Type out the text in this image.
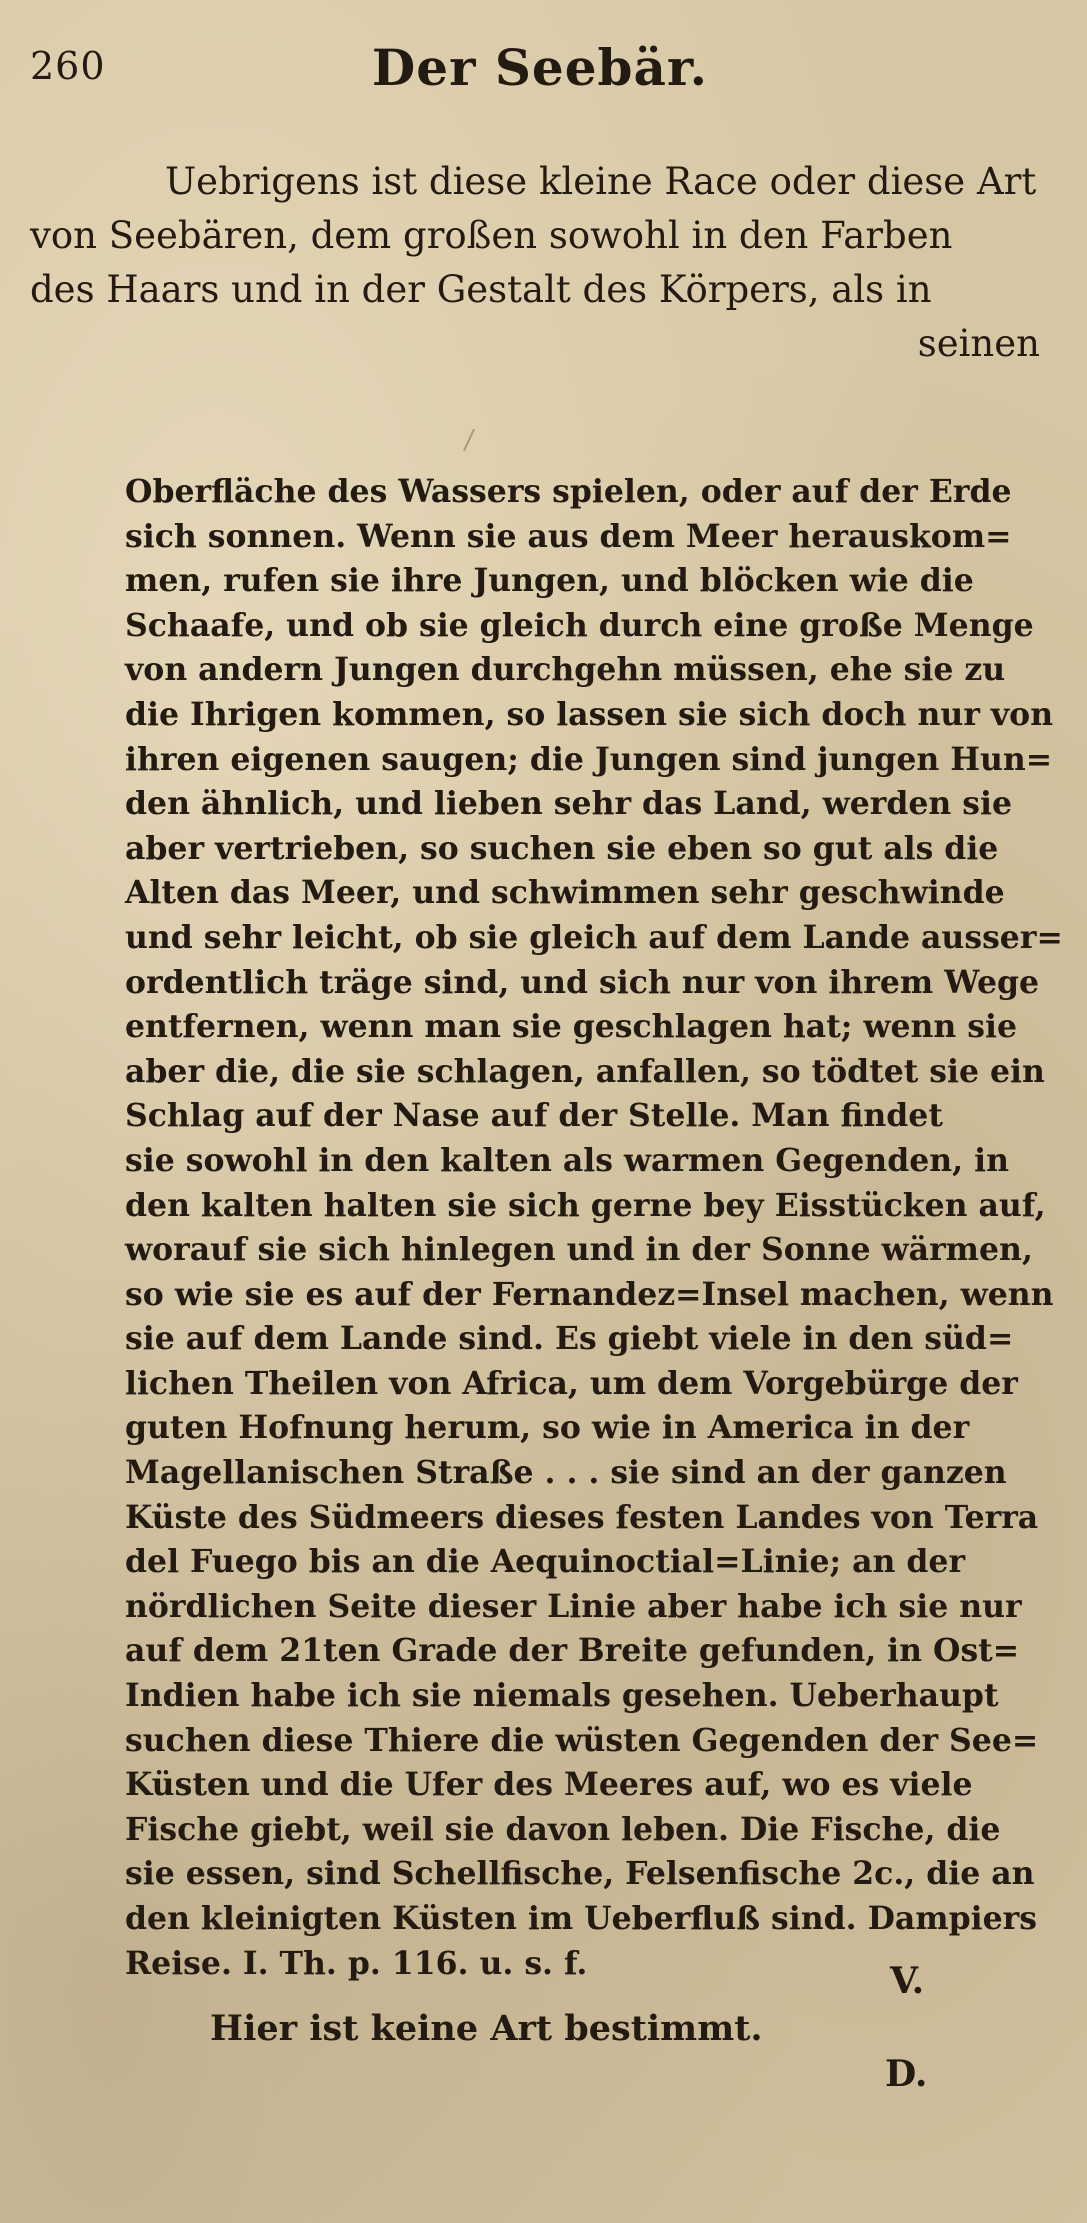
260	Der Seebär.
Uebrigens ist diese kleine Race oder diese Art
von Seebären, dem großen sowohl in den Farben
des Haars und in der Gestalt des Körpers, als in
seinen
Oberfläche des Wassers spielen, oder auf der Erde
sich sonnen. Wenn sie aus dem Meer herauskom=
men, rufen sie ihre Jungen, und blöcken wie die
Schaafe, und ob sie gleich durch eine große Menge
von andern Jungen durchgehn müssen, ehe sie zu
die Ihrigen kommen, so lassen sie sich doch nur von
ihren eigenen saugen; die Jungen sind jungen Hun=
den ähnlich, und lieben sehr das Land, werden sie
aber vertrieben, so suchen sie eben so gut als die
Alten das Meer, und schwimmen sehr geschwinde
und sehr leicht, ob sie gleich auf dem Lande ausser=
ordentlich träge sind, und sich nur von ihrem Wege
entfernen, wenn man sie geschlagen hat; wenn sie
aber die, die sie schlagen, anfallen, so tödtet sie ein
Schlag auf der Nase auf der Stelle. Man findet
sie sowohl in den kalten als warmen Gegenden, in
den kalten halten sie sich gerne bey Eisstücken auf,
worauf sie sich hinlegen und in der Sonne wärmen,
so wie sie es auf der Fernandez=Insel machen, wenn
sie auf dem Lande sind. Es giebt viele in den süd=
lichen Theilen von Africa, um dem Vorgebürge der
guten Hofnung herum, so wie in America in der
Magellanischen Straße . . . sie sind an der ganzen
Küste des Südmeers dieses festen Landes von Terra
del Fuego bis an die Aequinoctial=Linie; an der
nördlichen Seite dieser Linie aber habe ich sie nur
auf dem 21ten Grade der Breite gefunden, in Ost=
Indien habe ich sie niemals gesehen. Ueberhaupt
suchen diese Thiere die wüsten Gegenden der See=
Küsten und die Ufer des Meeres auf, wo es viele
Fische giebt, weil sie davon leben. Die Fische, die
sie essen, sind Schellfische, Felsenfische 2c., die an
den kleinigten Küsten im Ueberfluß sind. Dampiers
Reise. I. Th. p. 116. u. s. f.	V.
Hier ist keine Art bestimmt.
D.
